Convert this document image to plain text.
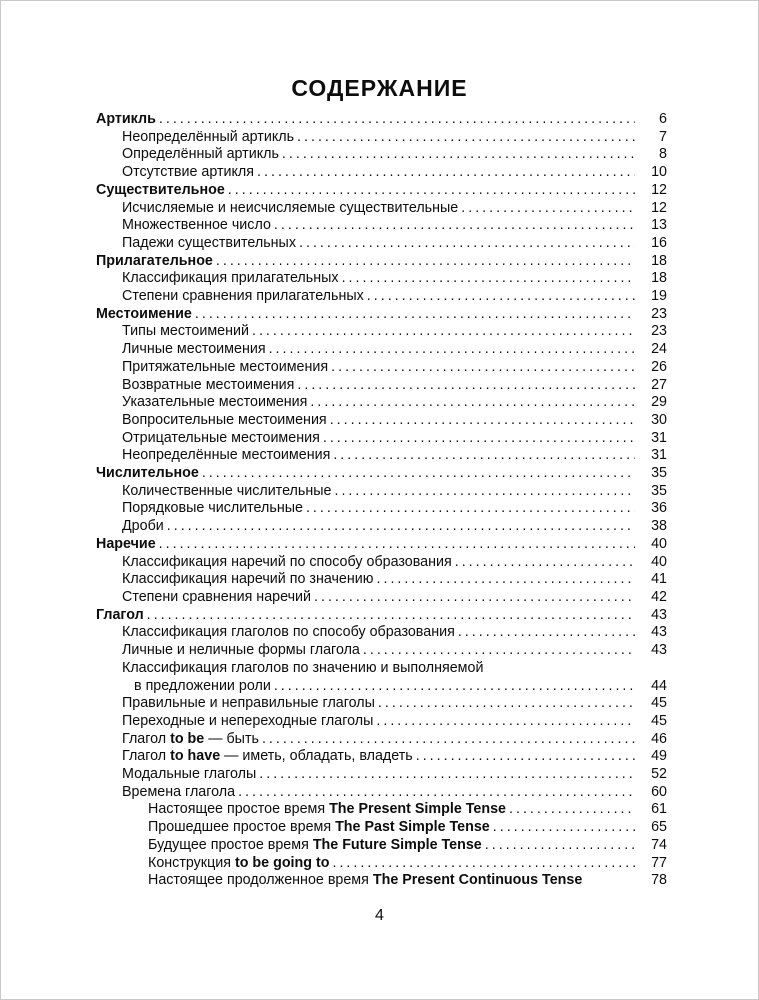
СОДЕРЖАНИЕ
Артикль .....	6
Неопределённый артикль .....	7
Определённый артикль .....	8
Отсутствие артикля .....	10
Существительное .....	12
Исчисляемые и неисчисляемые существительные .....	12
Множественное число .....	13
Падежи существительных .....	16
Прилагательное .....	18
Классификация прилагательных .....	18
Степени сравнения прилагательных .....	19
Местоимение .....	23
Типы местоимений .....	23
Личные местоимения .....	24
Притяжательные местоимения .....	26
Возвратные местоимения .....	27
Указательные местоимения .....	29
Вопросительные местоимения .....	30
Отрицательные местоимения .....	31
Неопределённые местоимения .....	31
Числительное .....	35
Количественные числительные .....	35
Порядковые числительные .....	36
Дроби .....	38
Наречие .....	40
Классификация наречий по способу образования .....	40
Классификация наречий по значению .....	41
Степени сравнения наречий .....	42
Глагол .....	43
Классификация глаголов по способу образования .....	43
Личные и неличные формы глагола .....	43
Классификация глаголов по значению и выполняемой
в предложении роли .....	44
Правильные и неправильные глаголы .....	45
Переходные и непереходные глаголы .....	45
Глагол to be — быть .....	46
Глагол to have — иметь, обладать, владеть .....	49
Модальные глаголы .....	52
Времена глагола .....	60
Настоящее простое время The Present Simple Tense .....	61
Прошедшее простое время The Past Simple Tense .....	65
Будущее простое время The Future Simple Tense .....	74
Конструкция to be going to .....	77
Настоящее продолженное время The Present Continuous Tense	78
4
